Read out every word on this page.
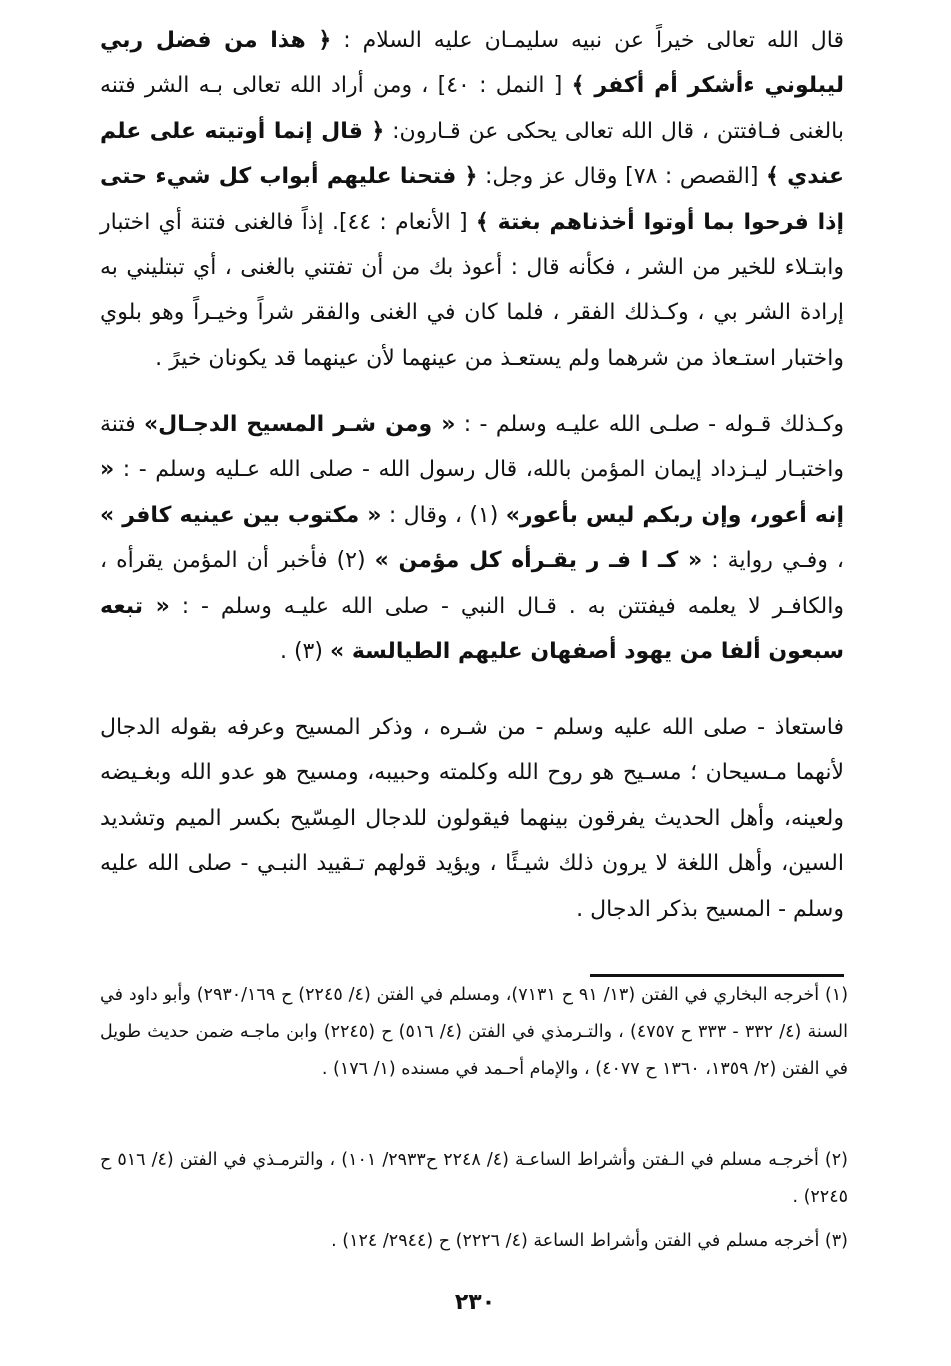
قال الله تعالى خيراً عن نبيه سليمـان عليه السلام : ﴿ هذا من فضل ربي ليبلوني ءأشكر أم أكفر ﴾ [ النمل : ٤٠] ، ومن أراد الله تعالى بـه الشر فتنه بالغنى فـافتتن ، قال الله تعالى يحكى عن قـارون: ﴿ قال إنما أوتيته على علم عندي ﴾ [القصص : ٧٨] وقال عز وجل: ﴿ فتحنا عليهم أبواب كل شيء حتى إذا فرحوا بما أوتوا أخذناهم بغتة ﴾ [ الأنعام : ٤٤]. إذاً فالغنى فتنة أي اختبار وابتـلاء للخير من الشر ، فكأنه قال : أعوذ بك من أن تفتني بالغنى ، أي تبتليني به إرادة الشر بي ، وكـذلك الفقر ، فلما كان في الغنى والفقر شراً وخيـراً وهو بلوي واختبار استـعاذ من شرهما ولم يستعـذ من عينهما لأن عينهما قد يكونان خيرً .

وكـذلك قـوله - صلـى الله عليـه وسلم - : « ومن شـر المسيح الدجـال» فتنة واختبـار ليـزداد إيمان المؤمن بالله، قال رسول الله - صلى الله عـليه وسلم - : « إنه أعور، وإن ربكم ليس بأعور» (١) ، وقال : « مكتوب بين عينيه كافر » ، وفـي رواية : « كـ ا فـ ر يقـرأه كل مؤمن » (٢) فأخبر أن المؤمن يقرأه ، والكافـر لا يعلمه فيفتتن به . قـال النبي - صلى الله عليـه وسلم - : « تبعه سبعون ألفا من يهود أصفهان عليهم الطيالسة » (٣) .

فاستعاذ - صلى الله عليه وسلم - من شـره ، وذكر المسيح وعرفه بقوله الدجال لأنهما مـسيحان ؛ مسـيح هو روح الله وكلمته وحبيبه، ومسيح هو عدو الله وبغـيضه ولعينه، وأهل الحديث يفرقون بينهما فيقولون للدجال المِسّيح بكسر الميم وتشديد السين، وأهل اللغة لا يرون ذلك شيـئًا ، ويؤيد قولهم تـقييد النبـي - صلى الله عليه وسلم - المسيح بذكر الدجال .

(١) أخرجه البخاري في الفتن (١٣/ ٩١ ح ٧١٣١)، ومسلم في الفتن (٤/ ٢٢٤٥) ح ٢٩٣٠/١٦٩) وأبو داود في السنة (٤/ ٣٣٢ - ٣٣٣ ح ٤٧٥٧) ، والتـرمذي في الفتن (٤/ ٥١٦) ح (٢٢٤٥) وابن ماجـه ضمن حديث طويل في الفتن (٢/ ١٣٥٩، ١٣٦٠ ح ٤٠٧٧) ، والإمام أحـمد في مسنده (١/ ١٧٦) .

(٢) أخرجـه مسلم في الـفتن وأشراط الساعـة (٤/ ٢٢٤٨ ح٢٩٣٣/ ١٠١) ، والترمـذي في الفتن (٤/ ٥١٦ ح ٢٢٤٥) .

(٣) أخرجه مسلم في الفتن وأشراط الساعة (٤/ ٢٢٢٦) ح (٢٩٤٤/ ١٢٤) .

٢٣٠
